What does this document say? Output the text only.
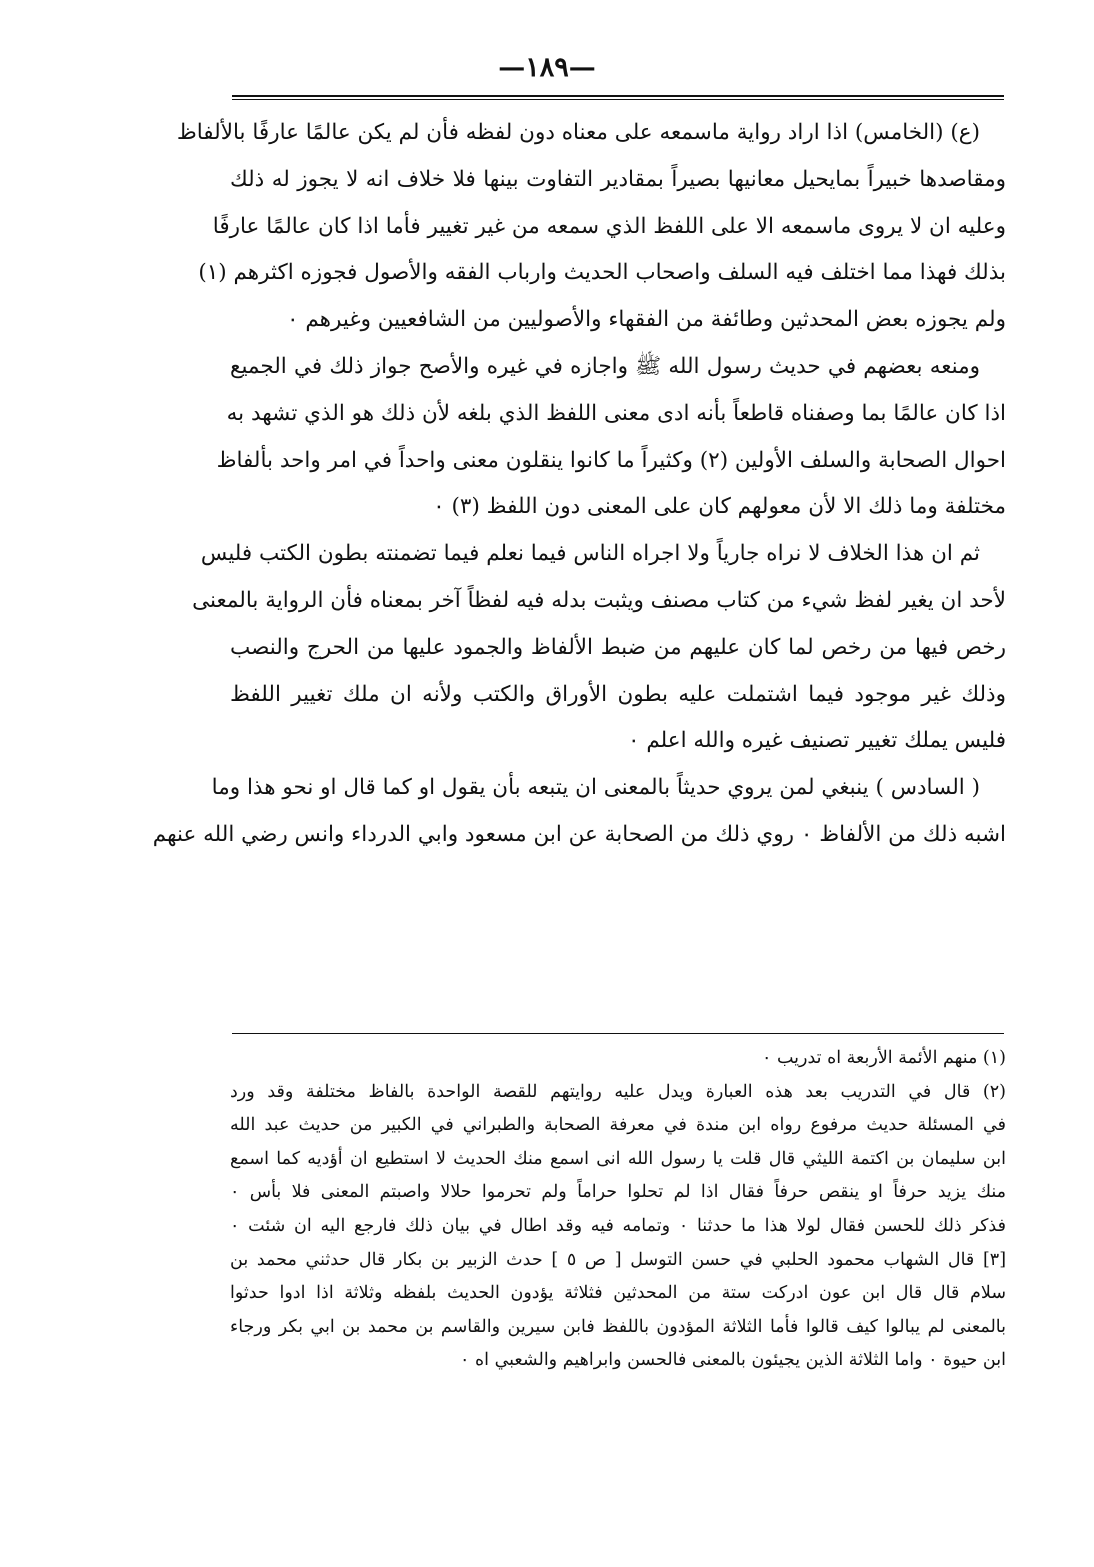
—١٨٩—
(ع) (الخامس) اذا اراد رواية ماسمعه على معناه دون لفظه فأن لم يكن عالمًا عارفًا بالألفاظ
ومقاصدها خبيراً بمايحيل معانيها بصيراً بمقادير التفاوت بينها فلا خلاف انه لا يجوز له ذلك
وعليه ان لا يروى ماسمعه الا على اللفظ الذي سمعه من غير تغيير فأما اذا كان عالمًا عارفًا
بذلك فهذا مما اختلف فيه السلف واصحاب الحديث وارباب الفقه والأصول فجوزه اكثرهم (١)
ولم يجوزه بعض المحدثين وطائفة من الفقهاء والأصوليين من الشافعيين وغيرهم ٠
ومنعه بعضهم في حديث رسول الله ﷺ واجازه في غيره والأصح جواز ذلك في الجميع
اذا كان عالمًا بما وصفناه قاطعاً بأنه ادى معنى اللفظ الذي بلغه لأن ذلك هو الذي تشهد به
احوال الصحابة والسلف الأولين (٢) وكثيراً ما كانوا ينقلون معنى واحداً في امر واحد بألفاظ
مختلفة وما ذلك الا لأن معولهم كان على المعنى دون اللفظ (٣) ٠
ثم ان هذا الخلاف لا نراه جارياً ولا اجراه الناس فيما نعلم فيما تضمنته بطون الكتب فليس
لأحد ان يغير لفظ شيء من كتاب مصنف ويثبت بدله فيه لفظاً آخر بمعناه فأن الرواية بالمعنى
رخص فيها من رخص لما كان عليهم من ضبط الألفاظ والجمود عليها من الحرج والنصب
وذلك غير موجود فيما اشتملت عليه بطون الأوراق والكتب ولأنه ان ملك تغيير اللفظ
فليس يملك تغيير تصنيف غيره والله اعلم ٠
( السادس ) ينبغي لمن يروي حديثاً بالمعنى ان يتبعه بأن يقول او كما قال او نحو هذا وما
اشبه ذلك من الألفاظ ٠ روي ذلك من الصحابة عن ابن مسعود وابي الدرداء وانس رضي الله عنهم
(١) منهم الأئمة الأربعة اه تدريب ٠
(٢) قال في التدريب بعد هذه العبارة ويدل عليه روايتهم للقصة الواحدة بالفاظ مختلفة وقد ورد
في المسئلة حديث مرفوع رواه ابن مندة في معرفة الصحابة والطبراني في الكبير من حديث عبد الله
ابن سليمان بن اكتمة الليثي قال قلت يا رسول الله انى اسمع منك الحديث لا استطيع ان أؤديه كما اسمع
منك يزيد حرفاً او ينقص حرفاً فقال اذا لم تحلوا حراماً ولم تحرموا حلالا واصبتم المعنى فلا بأس ٠
فذكر ذلك للحسن فقال لولا هذا ما حدثنا ٠ وتمامه فيه وقد اطال في بيان ذلك فارجع اليه ان شئت ٠
[٣] قال الشهاب محمود الحلبي في حسن التوسل [ ص ٥ ] حدث الزبير بن بكار قال حدثني محمد بن
سلام قال قال ابن عون ادركت ستة من المحدثين فثلاثة يؤدون الحديث بلفظه وثلاثة اذا ادوا حدثوا
بالمعنى لم يبالوا كيف قالوا فأما الثلاثة المؤدون باللفظ فابن سيرين والقاسم بن محمد بن ابي بكر ورجاء
ابن حيوة ٠ واما الثلاثة الذين يجيئون بالمعنى فالحسن وابراهيم والشعبي اه ٠
